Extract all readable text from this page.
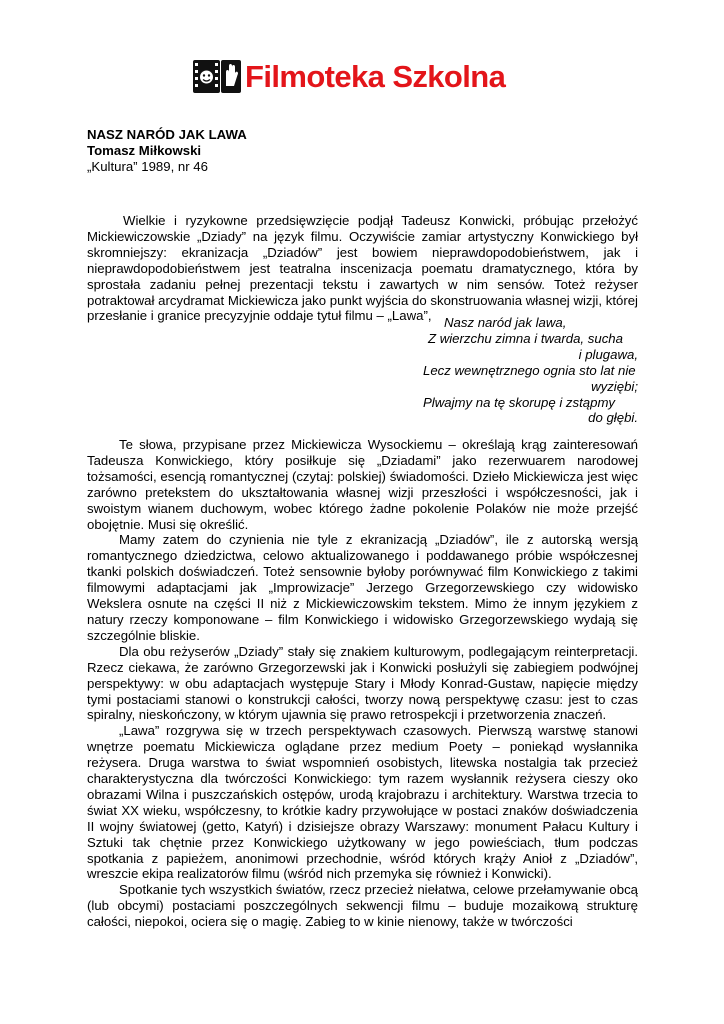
Filmoteka Szkolna
NASZ NARÓD JAK LAWA
Tomasz Miłkowski
„Kultura” 1989, nr 46

Wielkie i ryzykowne przedsięwzięcie podjął Tadeusz Konwicki, próbując przełożyć Mickiewiczowskie „Dziady” na język filmu. Oczywiście zamiar artystyczny Konwickiego był skromniejszy: ekranizacja „Dziadów” jest bowiem nieprawdopodobieństwem, jak i nieprawdopodobieństwem jest teatralna inscenizacja poematu dramatycznego, która by sprostała zadaniu pełnej prezentacji tekstu i zawartych w nim sensów. Toteż reżyser potraktował arcydramat Mickiewicza jako punkt wyjścia do skonstruowania własnej wizji, której przesłanie i granice precyzyjnie oddaje tytuł filmu – „Lawa”, Nasz naród jak lawa,
Z wierzchu zimna i twarda, sucha
i plugawa,
Lecz wewnętrznego ognia sto lat nie
wyziębi;
Plwajmy na tę skorupę i zstąpmy
do głębi.

Te słowa, przypisane przez Mickiewicza Wysockiemu – określają krąg zainteresowań Tadeusza Konwickiego, który posiłkuje się „Dziadami” jako rezerwuarem narodowej tożsamości, esencją romantycznej (czytaj: polskiej) świadomości. Dzieło Mickiewicza jest więc zarówno pretekstem do ukształtowania własnej wizji przeszłości i współczesności, jak i swoistym wianem duchowym, wobec którego żadne pokolenie Polaków nie może przejść obojętnie. Musi się określić.

Mamy zatem do czynienia nie tyle z ekranizacją „Dziadów”, ile z autorską wersją romantycznego dziedzictwa, celowo aktualizowanego i poddawanego próbie współczesnej tkanki polskich doświadczeń. Toteż sensownie byłoby porównywać film Konwickiego z takimi filmowymi adaptacjami jak „Improwizacje” Jerzego Grzegorzewskiego czy widowisko Wekslera osnute na części II niż z Mickiewiczowskim tekstem. Mimo że innym językiem z natury rzeczy komponowane – film Konwickiego i widowisko Grzegorzewskiego wydają się szczególnie bliskie.

Dla obu reżyserów „Dziady” stały się znakiem kulturowym, podlegającym reinterpretacji. Rzecz ciekawa, że zarówno Grzegorzewski jak i Konwicki posłużyli się zabiegiem podwójnej perspektywy: w obu adaptacjach występuje Stary i Młody Konrad-Gustaw, napięcie między tymi postaciami stanowi o konstrukcji całości, tworzy nową perspektywę czasu: jest to czas spiralny, nieskończony, w którym ujawnia się prawo retrospekcji i przetworzenia znaczeń.

„Lawa” rozgrywa się w trzech perspektywach czasowych. Pierwszą warstwę stanowi wnętrze poematu Mickiewicza oglądane przez medium Poety – poniekąd wysłannika reżysera. Druga warstwa to świat wspomnień osobistych, litewska nostalgia tak przecież charakterystyczna dla twórczości Konwickiego: tym razem wysłannik reżysera cieszy oko obrazami Wilna i puszczańskich ostępów, urodą krajobrazu i architektury. Warstwa trzecia to świat XX wieku, współczesny, to krótkie kadry przywołujące w postaci znaków doświadczenia II wojny światowej (getto, Katyń) i dzisiejsze obrazy Warszawy: monument Pałacu Kultury i Sztuki tak chętnie przez Konwickiego użytkowany w jego powieściach, tłum podczas spotkania z papieżem, anonimowi przechodnie, wśród których krąży Anioł z „Dziadów”, wreszcie ekipa realizatorów filmu (wśród nich przemyka się również i Konwicki).

Spotkanie tych wszystkich światów, rzecz przecież niełatwa, celowe przełamywanie obcą (lub obcymi) postaciami poszczególnych sekwencji filmu – buduje mozaikową strukturę całości, niepokoi, ociera się o magię. Zabieg to w kinie nienowy, także w twórczości
